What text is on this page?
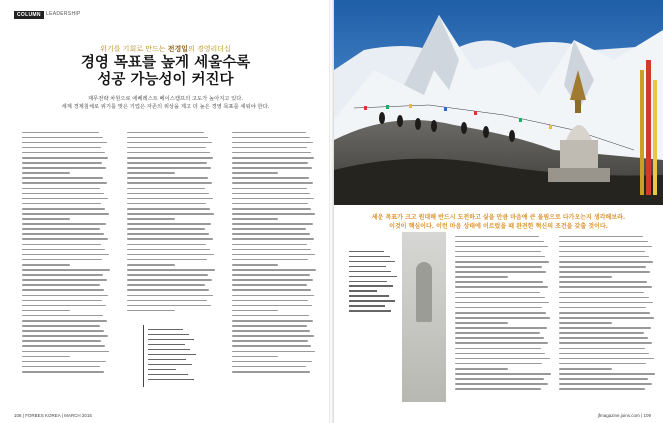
COLUMN	LEADERSHIP
위기를 기회로 만드는 전경일의 경영리더십
경영 목표를 높게 세울수록
성공 가능성이 커진다
재무전략 차원으로 에베레스트 베이스캠프의 고도가 높아지고 있다.
세계 경제침체로 위기를 맞은 기업은 자존의 위상을 제고 더 높은 경영 목표를 세워야 한다.
108 | FORBES KOREA | MARCH 2015
세운 목표가 크고 원대해 반드시 도전하고 싶을 만큼 마음에 큰 울림으로 다가오는지 생각해보라.
이것이 핵심이다. 이런 마음 상태에 이르렀을 때 완전한 혁신의 조건을 갖출 것이다.
jfmagazine.joins.com | 109
